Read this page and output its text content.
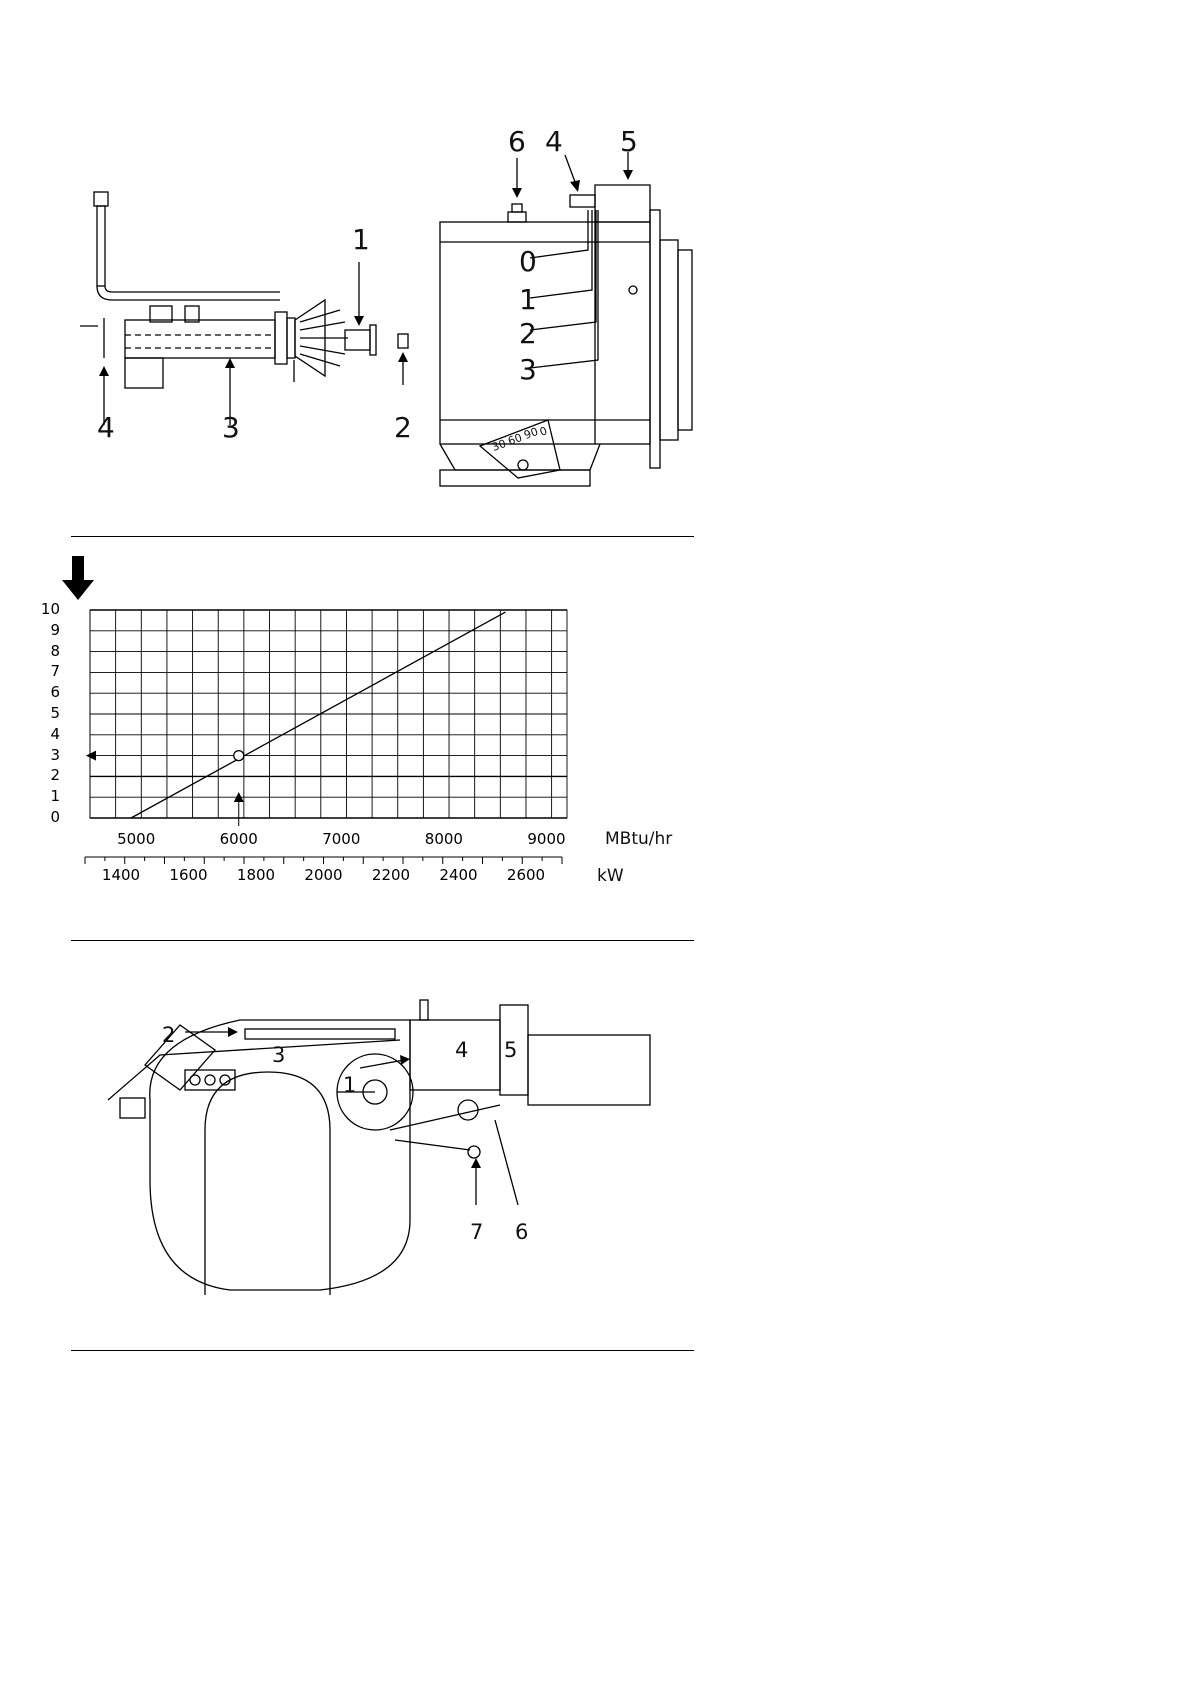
1
2
3
4
6 4 5
0
1
2
3
30
60
90
0
0
1
2
3
4
5
6
7
8
9
10
5000	6000	7000	8000	9000
1400	1600	1800	2000	2200	2400	2600
MBtu/hr
kW
2
3
1
4 5
7 6
